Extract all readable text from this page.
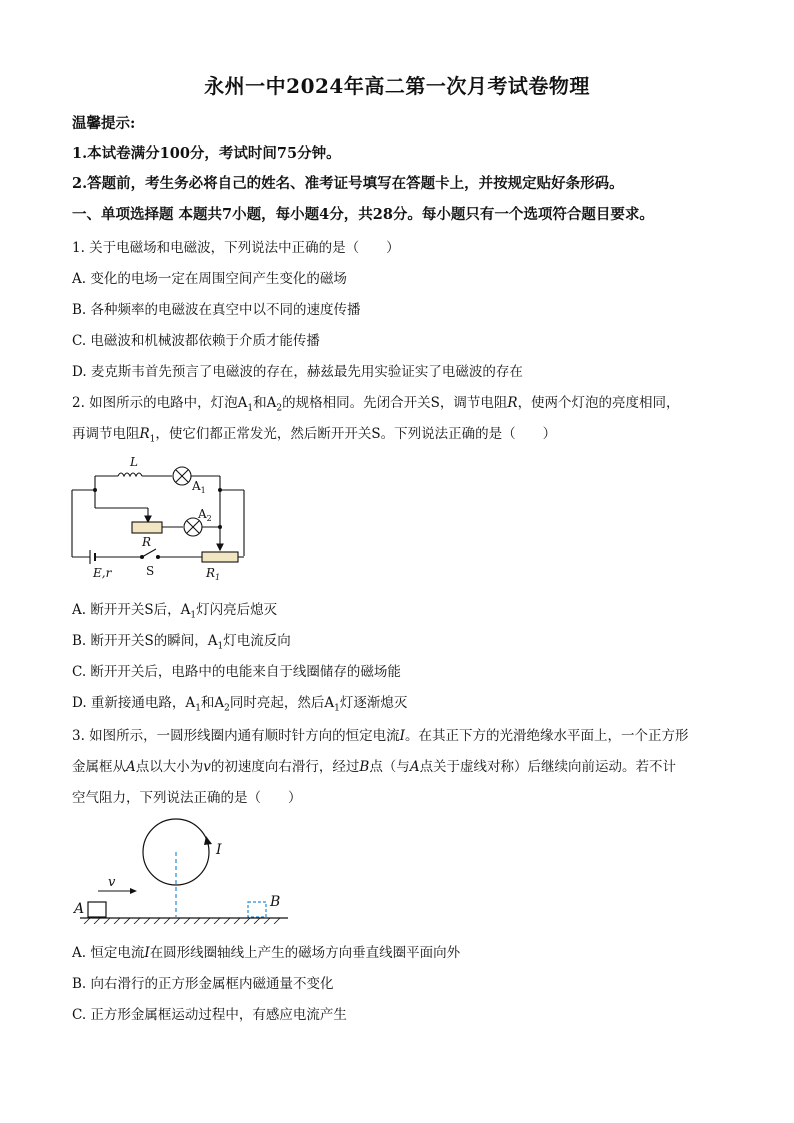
永州一中2024年高二第一次月考试卷物理
温馨提示:
1.本试卷满分100分，考试时间75分钟。
2.答题前，考生务必将自己的姓名、准考证号填写在答题卡上，并按规定贴好条形码。
一、单项选择题 本题共7小题，每小题4分，共28分。每小题只有一个选项符合题目要求。
1. 关于电磁场和电磁波，下列说法中正确的是（　　）
A. 变化的电场一定在周围空间产生变化的磁场
B. 各种频率的电磁波在真空中以不同的速度传播
C. 电磁波和机械波都依赖于介质才能传播
D. 麦克斯韦首先预言了电磁波的存在，赫兹最先用实验证实了电磁波的存在
2. 如图所示的电路中，灯泡$A_1$和$A_2$的规格相同。先闭合开关S，调节电阻R，使两个灯泡的亮度相同，
再调节电阻$R_1$，使它们都正常发光，然后断开开关S。下列说法正确的是（　　）
L
$A_1$
$A_2$
R
E,r	S	$R_1$
A. 断开开关S后，$A_1$灯闪亮后熄灭
B. 断开开关S的瞬间，$A_1$灯电流反向
C. 断开开关后，电路中的电能来自于线圈储存的磁场能
D. 重新接通电路，$A_1$和$A_2$同时亮起，然后$A_1$灯逐渐熄灭
3. 如图所示，一圆形线圈内通有顺时针方向的恒定电流I。在其正下方的光滑绝缘水平面上，一个正方形
金属框从A点以大小为v的初速度向右滑行，经过B点（与A点关于虚线对称）后继续向前运动。若不计
空气阻力，下列说法正确的是（　　）
I
v
A	B
A. 恒定电流I在圆形线圈轴线上产生的磁场方向垂直线圈平面向外
B. 向右滑行的正方形金属框内磁通量不变化
C. 正方形金属框运动过程中，有感应电流产生
